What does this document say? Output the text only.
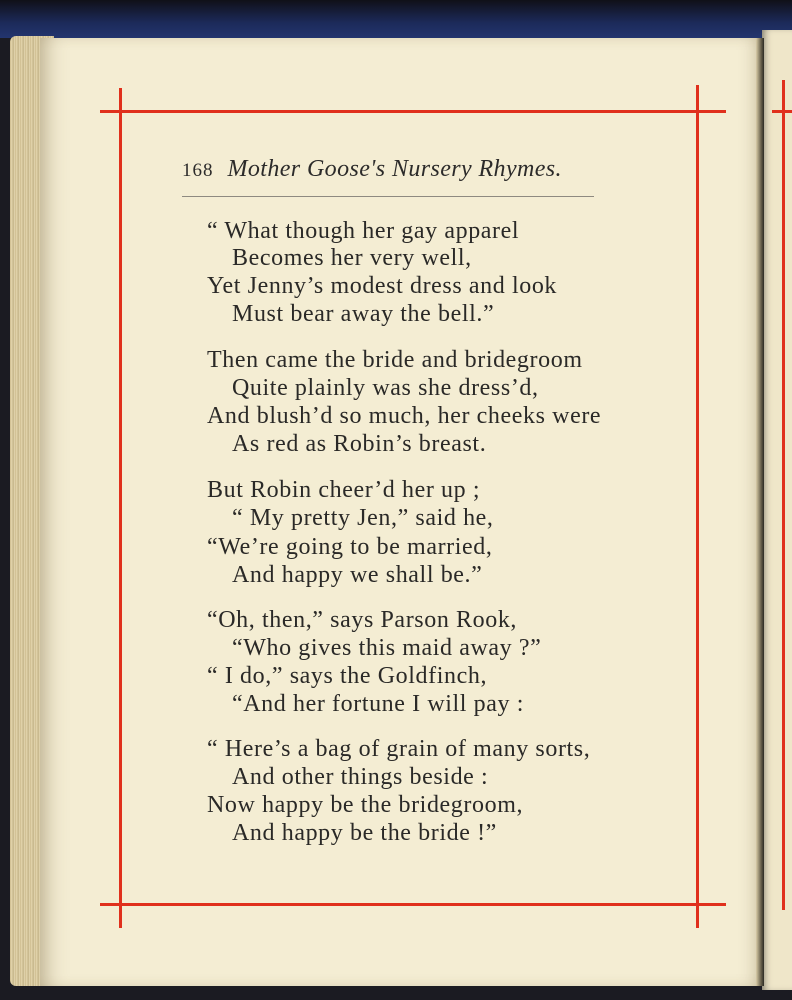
168 Mother Goose's Nursery Rhymes.
“ What though her gay apparel
Becomes her very well,
Yet Jenny’s modest dress and look
Must bear away the bell.”
Then came the bride and bridegroom
Quite plainly was she dress’d,
And blush’d so much, her cheeks were
As red as Robin’s breast.
But Robin cheer’d her up ;
“ My pretty Jen,” said he,
“We’re going to be married,
And happy we shall be.”
“Oh, then,” says Parson Rook,
“Who gives this maid away ?”
“ I do,” says the Goldfinch,
“And her fortune I will pay :
“ Here’s a bag of grain of many sorts,
And other things beside :
Now happy be the bridegroom,
And happy be the bride !”
